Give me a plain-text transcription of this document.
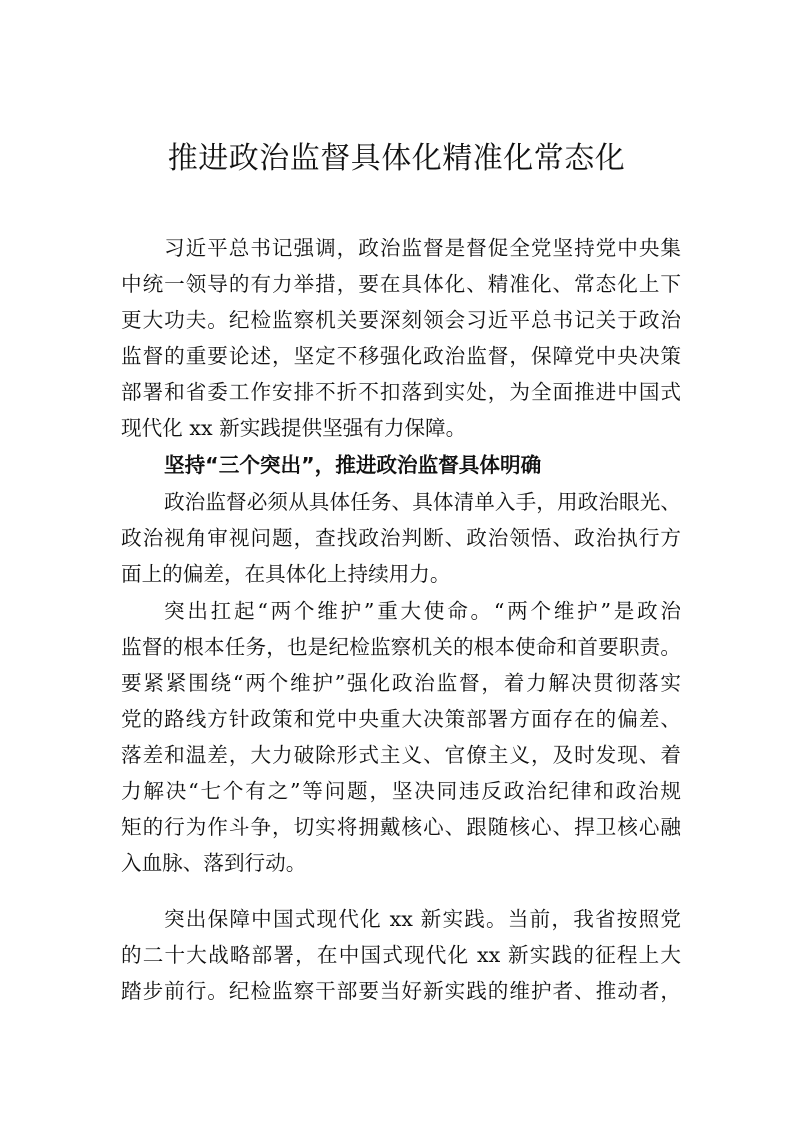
推进政治监督具体化精准化常态化
习近平总书记强调，政治监督是督促全党坚持党中央集
中统一领导的有力举措，要在具体化、精准化、常态化上下
更大功夫。纪检监察机关要深刻领会习近平总书记关于政治
监督的重要论述，坚定不移强化政治监督，保障党中央决策
部署和省委工作安排不折不扣落到实处，为全面推进中国式
现代化 xx 新实践提供坚强有力保障。
坚持“三个突出”，推进政治监督具体明确
政治监督必须从具体任务、具体清单入手，用政治眼光、
政治视角审视问题，查找政治判断、政治领悟、政治执行方
面上的偏差，在具体化上持续用力。
突出扛起“两个维护”重大使命。“两个维护”是政治
监督的根本任务，也是纪检监察机关的根本使命和首要职责。
要紧紧围绕“两个维护”强化政治监督，着力解决贯彻落实
党的路线方针政策和党中央重大决策部署方面存在的偏差、
落差和温差，大力破除形式主义、官僚主义，及时发现、着
力解决“七个有之”等问题，坚决同违反政治纪律和政治规
矩的行为作斗争，切实将拥戴核心、跟随核心、捍卫核心融
入血脉、落到行动。
突出保障中国式现代化 xx 新实践。当前，我省按照党
的二十大战略部署，在中国式现代化 xx 新实践的征程上大
踏步前行。纪检监察干部要当好新实践的维护者、推动者，
